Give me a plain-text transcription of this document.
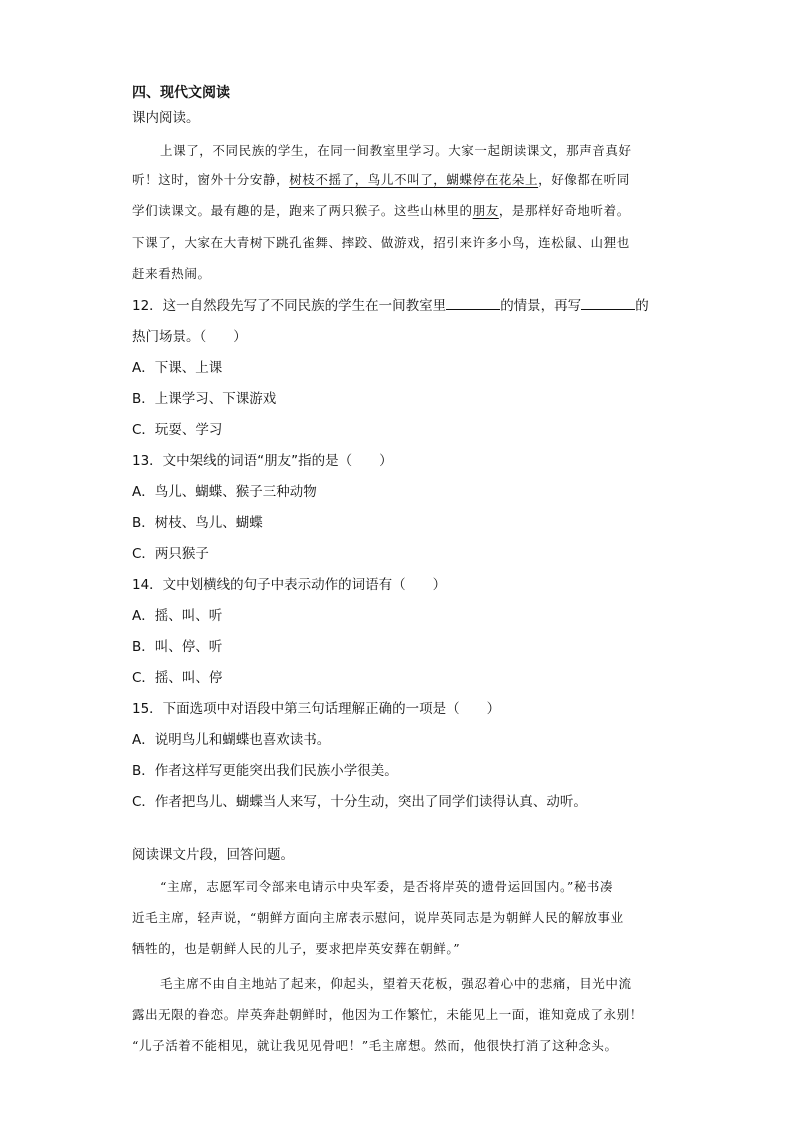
四、现代文阅读
课内阅读。
上课了，不同民族的学生，在同一间教室里学习。大家一起朗读课文，那声音真好
听！这时，窗外十分安静，树枝不摇了，鸟儿不叫了，蝴蝶停在花朵上，好像都在听同
学们读课文。最有趣的是，跑来了两只猴子。这些山林里的朋友，是那样好奇地听着。
下课了，大家在大青树下跳孔雀舞、摔跤、做游戏，招引来许多小鸟，连松鼠、山狸也
赶来看热闹。
12．这一自然段先写了不同民族的学生在一间教室里	的情景，再写	的
热门场景。（　　）
A．下课、上课
B．上课学习、下课游戏
C．玩耍、学习
13．文中架线的词语“朋友”指的是（　　）
A．鸟儿、蝴蝶、猴子三种动物
B．树枝、鸟儿、蝴蝶
C．两只猴子
14．文中划横线的句子中表示动作的词语有（　　）
A．摇、叫、听
B．叫、停、听
C．摇、叫、停
15．下面选项中对语段中第三句话理解正确的一项是（　　）
A．说明鸟儿和蝴蝶也喜欢读书。
B．作者这样写更能突出我们民族小学很美。
C．作者把鸟儿、蝴蝶当人来写，十分生动，突出了同学们读得认真、动听。
阅读课文片段，回答问题。
“主席，志愿军司令部来电请示中央军委，是否将岸英的遗骨运回国内。”秘书凑
近毛主席，轻声说，“朝鲜方面向主席表示慰问，说岸英同志是为朝鲜人民的解放事业
牺牲的，也是朝鲜人民的儿子，要求把岸英安葬在朝鲜。”
毛主席不由自主地站了起来，仰起头，望着天花板，强忍着心中的悲痛，目光中流
露出无限的眷恋。岸英奔赴朝鲜时，他因为工作繁忙，未能见上一面，谁知竟成了永别！
“儿子活着不能相见，就让我见见骨吧！”毛主席想。然而，他很快打消了这种念头。
